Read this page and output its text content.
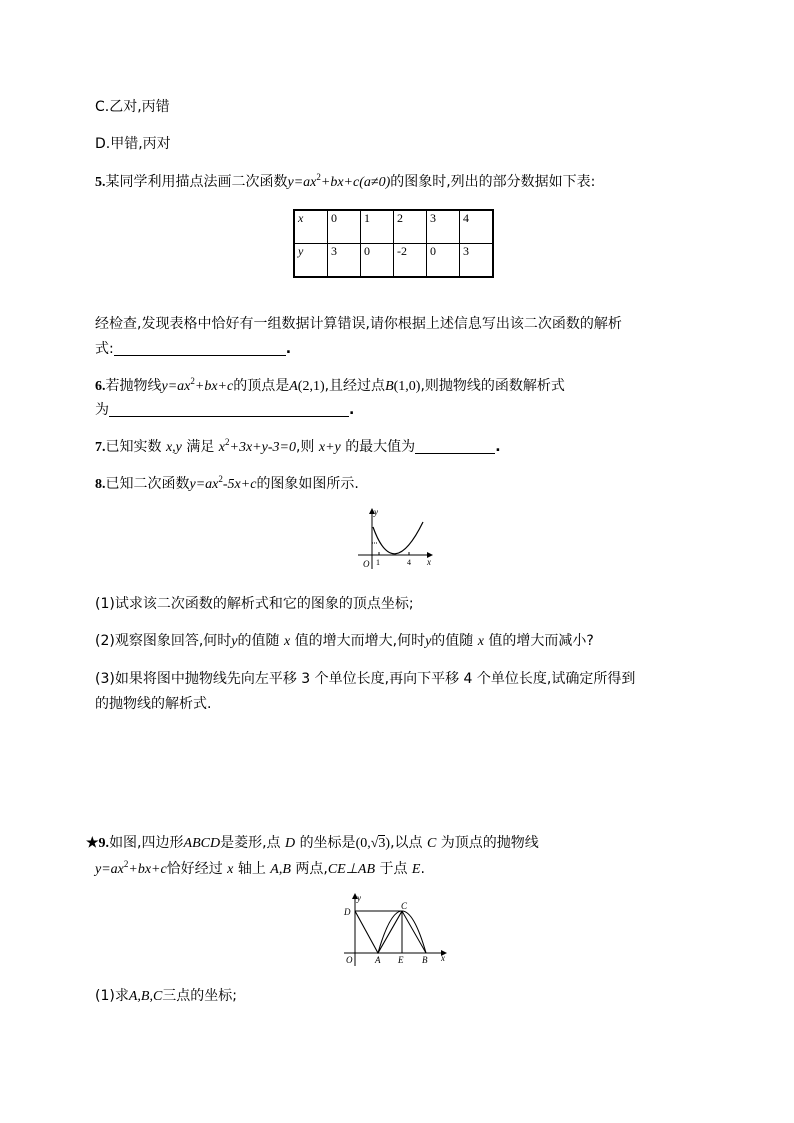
C.乙对,丙错
D.甲错,丙对
5.某同学利用描点法画二次函数$y=ax^2+bx+c(a\ne 0)$的图象时,列出的部分数据如下表:
x	0	1	2	3	4
y	3	0	-2	0	3
经检查,发现表格中恰好有一组数据计算错误,请你根据上述信息写出该二次函数的解析
式:	.
6.若抛物线$y=ax^2+bx+c$的顶点是A(2,1),且经过点B(1,0),则抛物线的函数解析式
为	.
7.已知实数 x,y 满足 $x^2+3x+y-3=0$,则 x+y 的最大值为	.
8.已知二次函数$y=ax^2-5x+c$的图象如图所示.
y
x
O 1	4
(1)试求该二次函数的解析式和它的图象的顶点坐标;
(2)观察图象回答,何时y的值随 x 值的增大而增大,何时y的值随 x 值的增大而减小?
(3)如果将图中抛物线先向左平移 3 个单位长度,再向下平移 4 个单位长度,试确定所得到
的抛物线的解析式.
★9.如图,四边形ABCD是菱形,点 D 的坐标是(0,√3),以点 C 为顶点的抛物线
$y=ax^2+bx+c$恰好经过 x 轴上 A,B 两点,CE⊥AB 于点 E.
y
x
O
D
C
A E B
(1)求A,B,C三点的坐标;
